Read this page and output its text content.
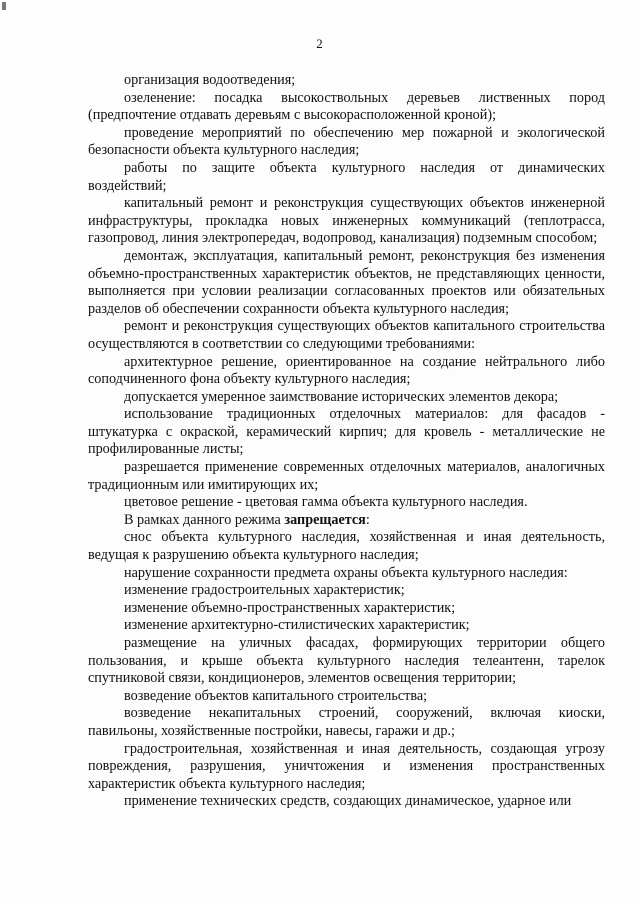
2

организация водоотведения;

озеленение: посадка высокоствольных деревьев лиственных пород (предпочтение отдавать деревьям с высокорасположенной кроной);

проведение мероприятий по обеспечению мер пожарной и экологической безопасности объекта культурного наследия;

работы по защите объекта культурного наследия от динамических воздействий;

капитальный ремонт и реконструкция существующих объектов инженерной инфраструктуры, прокладка новых инженерных коммуникаций (теплотрасса, газопровод, линия электропередач, водопровод, канализация) подземным способом;

демонтаж, эксплуатация, капитальный ремонт, реконструкция без изменения объемно-пространственных характеристик объектов, не представляющих ценности, выполняется при условии реализации согласованных проектов или обязательных разделов об обеспечении сохранности объекта культурного наследия;

ремонт и реконструкция существующих объектов капитального строительства осуществляются в соответствии со следующими требованиями:

архитектурное решение, ориентированное на создание нейтрального либо соподчиненного фона объекту культурного наследия;

допускается умеренное заимствование исторических элементов декора;

использование традиционных отделочных материалов: для фасадов - штукатурка с окраской, керамический кирпич; для кровель - металлические не профилированные листы;

разрешается применение современных отделочных материалов, аналогичных традиционным или имитирующих их;

цветовое решение - цветовая гамма объекта культурного наследия.

В рамках данного режима запрещается:

снос объекта культурного наследия, хозяйственная и иная деятельность, ведущая к разрушению объекта культурного наследия;

нарушение сохранности предмета охраны объекта культурного наследия:

изменение градостроительных характеристик;

изменение объемно-пространственных характеристик;

изменение архитектурно-стилистических характеристик;

размещение на уличных фасадах, формирующих территории общего пользования, и крыше объекта культурного наследия телеантенн, тарелок спутниковой связи, кондиционеров, элементов освещения территории;

возведение объектов капитального строительства;

возведение некапитальных строений, сооружений, включая киоски, павильоны, хозяйственные постройки, навесы, гаражи и др.;

градостроительная, хозяйственная и иная деятельность, создающая угрозу повреждения, разрушения, уничтожения и изменения пространственных характеристик объекта культурного наследия;

применение технических средств, создающих динамическое, ударное или
